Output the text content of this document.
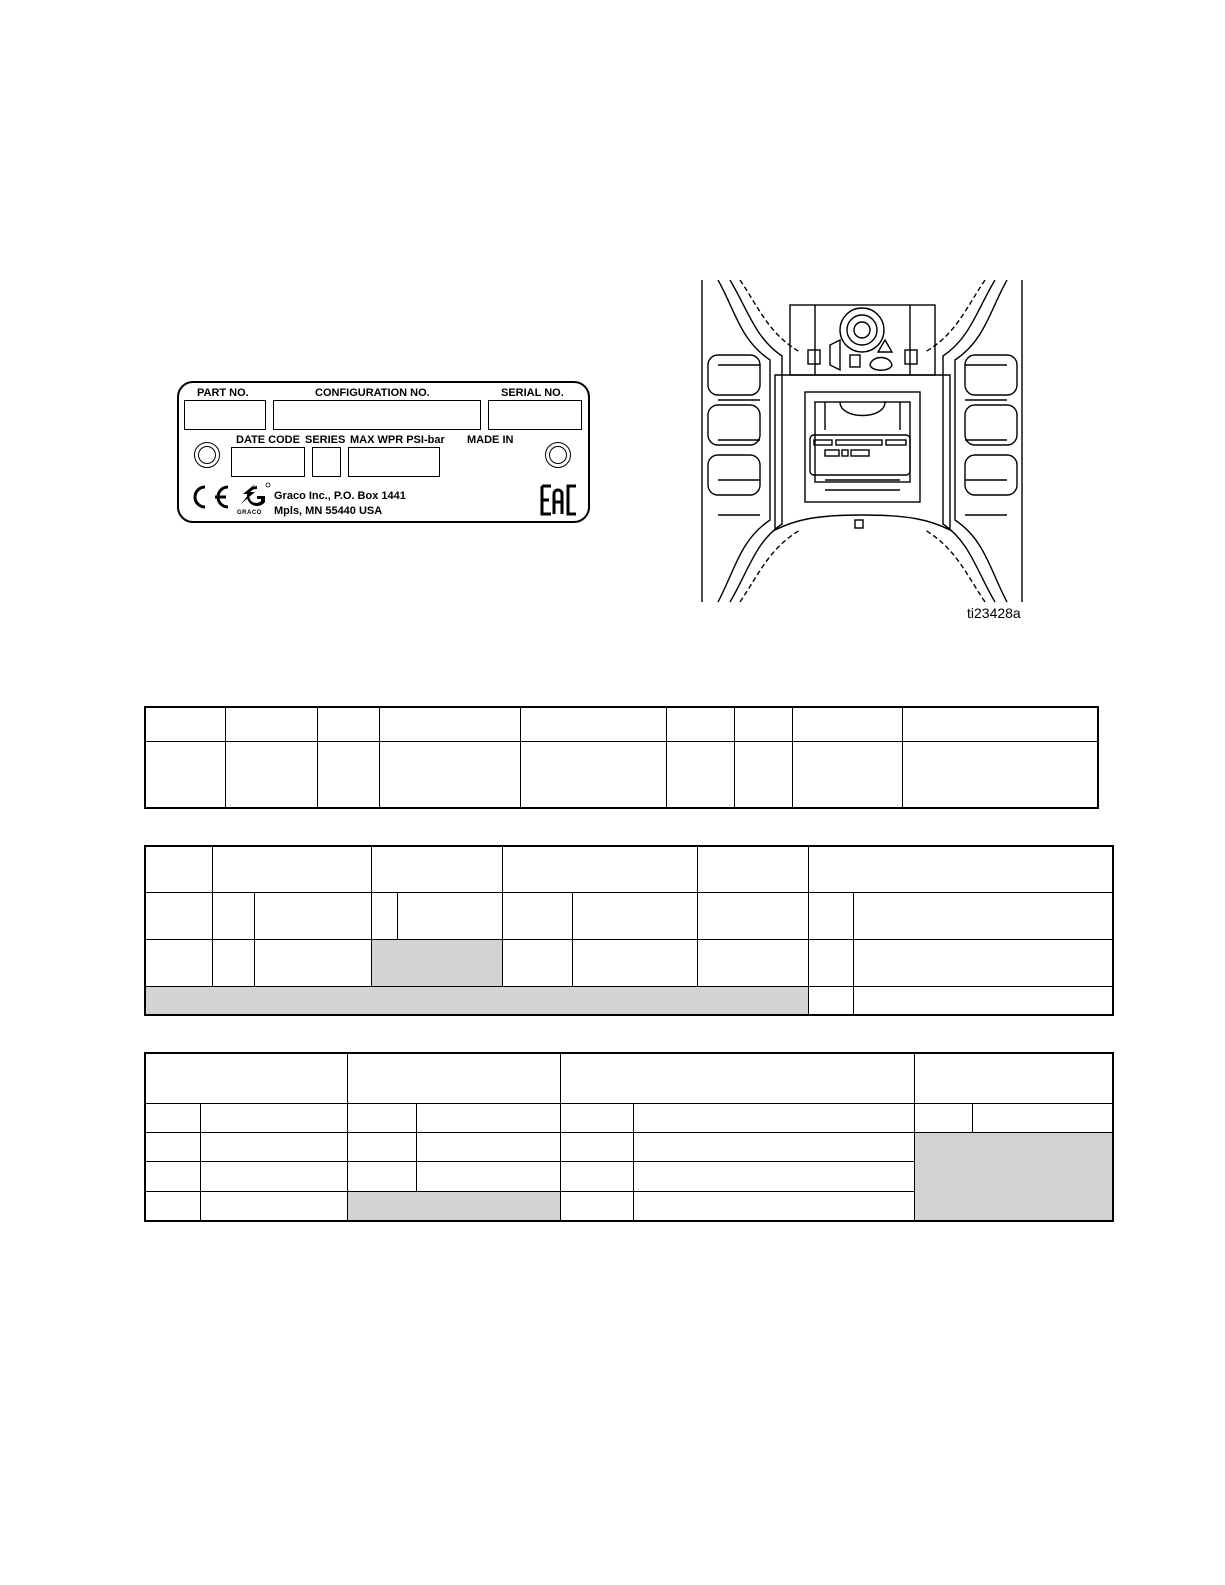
PART NO.	CONFIGURATION NO.	SERIAL NO.
DATE CODE SERIES MAX WPR PSI-bar MADE IN
GRACO
Graco Inc., P.O. Box 1441
Mpls, MN 55440 USA
ti23428a
